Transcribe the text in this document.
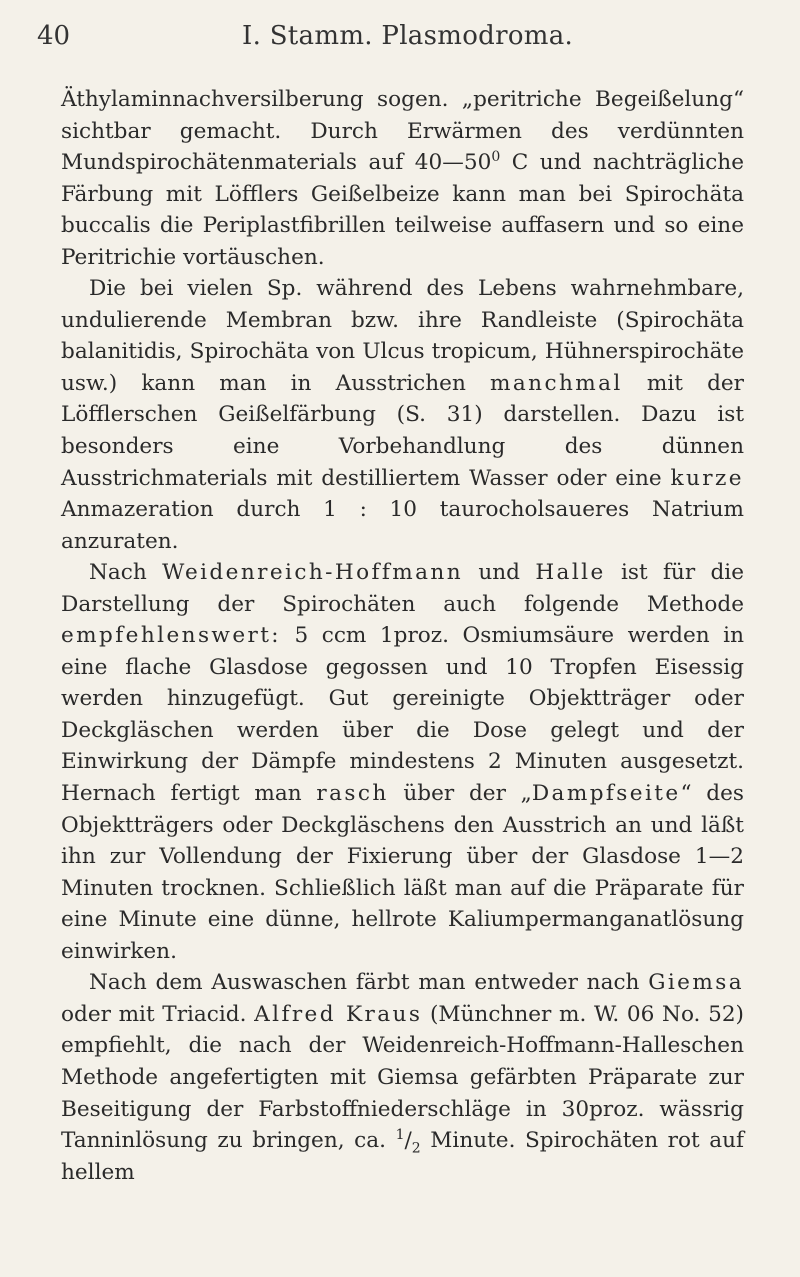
40	I. Stamm. Plasmodroma.

Äthylaminnachversilberung sogen. „peritriche Begeißelung“ sichtbar gemacht. Durch Erwärmen des verdünnten Mundspirochätenmaterials auf $40—50^0$ C und nachträgliche Färbung mit Löfflers Geißelbeize kann man bei Spirochäta buccalis die Periplastfibrillen teilweise auffasern und so eine Peritrichie vortäuschen.

Die bei vielen Sp. während des Lebens wahrnehmbare, undulierende Membran bzw. ihre Randleiste (Spirochäta balanitidis, Spirochäta von Ulcus tropicum, Hühnerspirochäte usw.) kann man in Ausstrichen manchmal mit der Löfflerschen Geißelfärbung (S. 31) darstellen. Dazu ist besonders eine Vorbehandlung des dünnen Ausstrichmaterials mit destilliertem Wasser oder eine kurze Anmazeration durch 1 : 10 taurocholsaueres Natrium anzuraten.

Nach Weidenreich-Hoffmann und Halle ist für die Darstellung der Spirochäten auch folgende Methode empfehlenswert: 5 ccm 1proz. Osmiumsäure werden in eine flache Glasdose gegossen und 10 Tropfen Eisessig werden hinzugefügt. Gut gereinigte Objektträger oder Deckgläschen werden über die Dose gelegt und der Einwirkung der Dämpfe mindestens 2 Minuten ausgesetzt. Hernach fertigt man rasch über der „Dampfseite“ des Objektträgers oder Deckgläschens den Ausstrich an und läßt ihn zur Vollendung der Fixierung über der Glasdose 1—2 Minuten trocknen. Schließlich läßt man auf die Präparate für eine Minute eine dünne, hellrote Kaliumpermanganatlösung einwirken.

Nach dem Auswaschen färbt man entweder nach Giemsa oder mit Triacid. Alfred Kraus (Münchner m. W. 06 No. 52) empfiehlt, die nach der Weidenreich-Hoffmann-Halleschen Methode angefertigten mit Giemsa gefärbten Präparate zur Beseitigung der Farbstoffniederschläge in 30proz. wässrig Tanninlösung zu bringen, ca. $^1/_2$ Minute. Spirochäten rot auf hellem
